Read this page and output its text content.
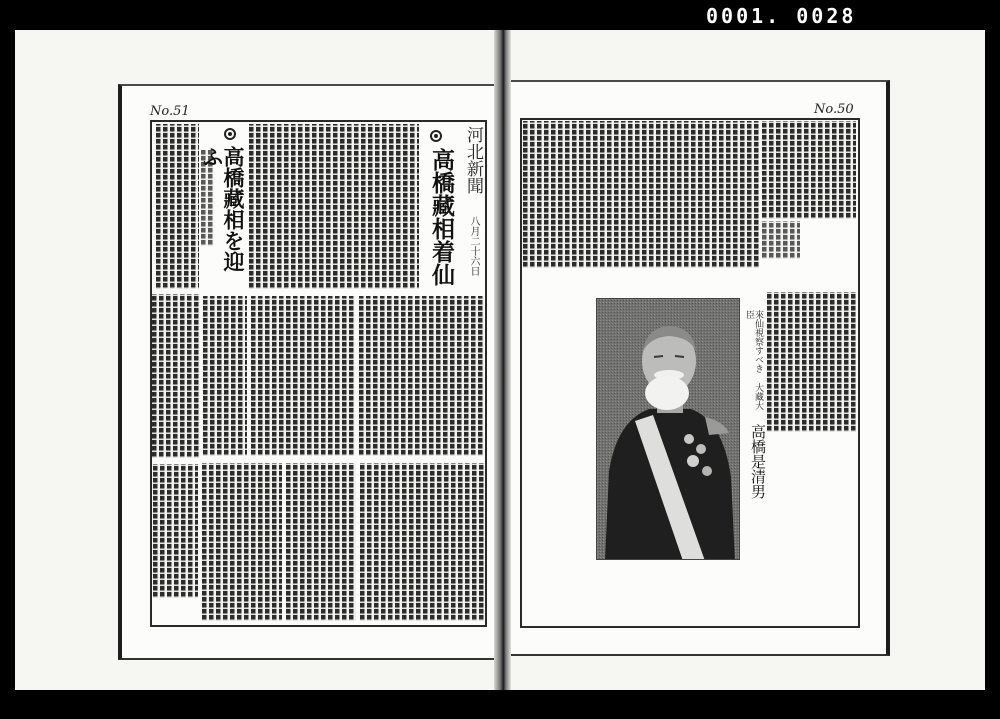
0001. 0028
No.51
高橋藏相を迎ふ	高橋藏相着仙 河北新聞
八月二十六日
No.50
來仙視察すべき 大藏大臣
高橋是清男
